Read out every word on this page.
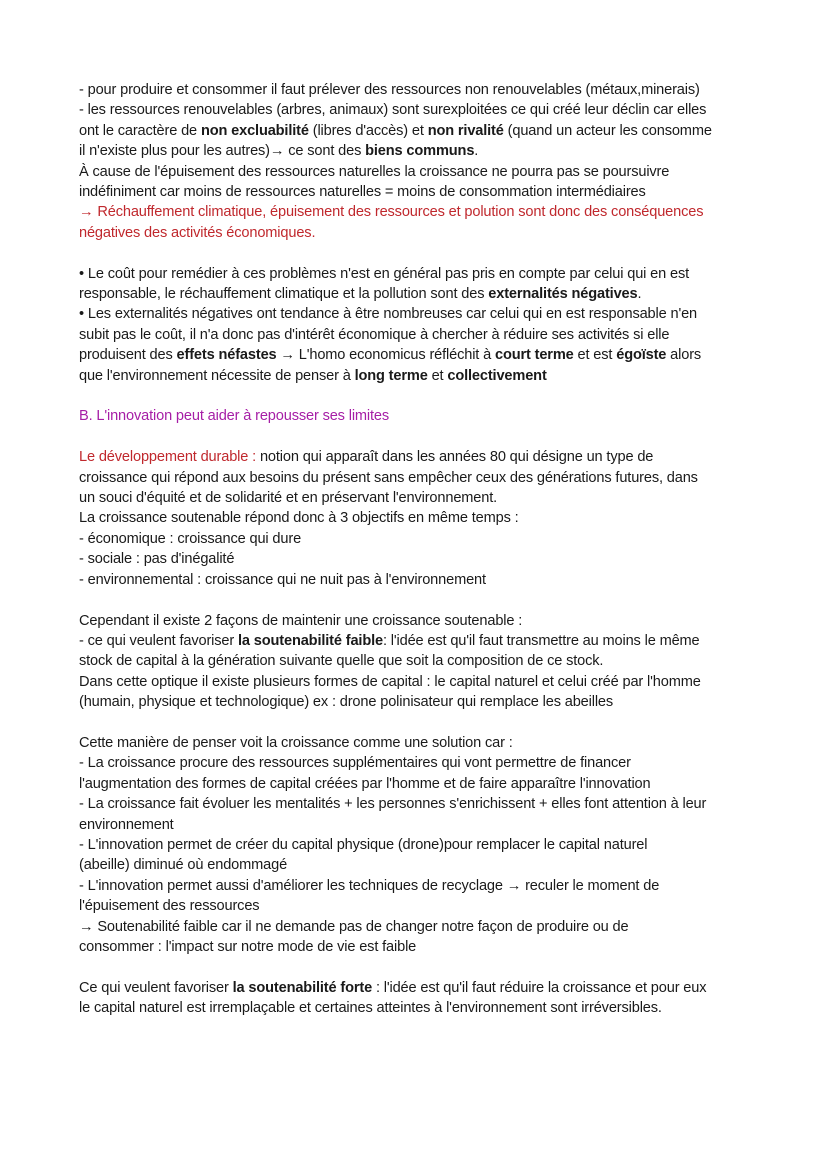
- pour produire et consommer il faut prélever des ressources non renouvelables (métaux,minerais)
- les ressources renouvelables (arbres, animaux) sont surexploitées ce qui créé leur déclin car elles
ont le caractère de non excluabilité (libres d'accès) et non rivalité (quand un acteur les consomme
il n'existe plus pour les autres)→ ce sont des biens communs.
À cause de l'épuisement des ressources naturelles la croissance ne pourra pas se poursuivre
indéfiniment car moins de ressources naturelles = moins de consommation intermédiaires
→ Réchauffement climatique, épuisement des ressources et polution sont donc des conséquences
négatives des activités économiques.
• Le coût pour remédier à ces problèmes n'est en général pas pris en compte par celui qui en est
responsable, le réchauffement climatique et la pollution sont des externalités négatives.
• Les externalités négatives ont tendance à être nombreuses car celui qui en est responsable n'en
subit pas le coût, il n'a donc pas d'intérêt économique à chercher à réduire ses activités si elle
produisent des effets néfastes → L'homo economicus réfléchit à court terme et est égoïste alors
que l'environnement nécessite de penser à long terme et collectivement
B. L'innovation peut aider à repousser ses limites
Le développement durable : notion qui apparaît dans les années 80 qui désigne un type de
croissance qui répond aux besoins du présent sans empêcher ceux des générations futures, dans
un souci d'équité et de solidarité et en préservant l'environnement.
La croissance soutenable répond donc à 3 objectifs en même temps :
- économique : croissance qui dure
- sociale : pas d'inégalité
- environnemental : croissance qui ne nuit pas à l'environnement
Cependant il existe 2 façons de maintenir une croissance soutenable :
- ce qui veulent favoriser la soutenabilité faible: l'idée est qu'il faut transmettre au moins le même
stock de capital à la génération suivante quelle que soit la composition de ce stock.
Dans cette optique il existe plusieurs formes de capital : le capital naturel et celui créé par l'homme
(humain, physique et technologique) ex : drone polinisateur qui remplace les abeilles
Cette manière de penser voit la croissance comme une solution car :
- La croissance procure des ressources supplémentaires qui vont permettre de financer
l'augmentation des formes de capital créées par l'homme et de faire apparaître l'innovation
- La croissance fait évoluer les mentalités + les personnes s'enrichissent + elles font attention à leur
environnement
- L'innovation permet de créer du capital physique (drone)pour remplacer le capital naturel
(abeille) diminué où endommagé
- L'innovation permet aussi d'améliorer les techniques de recyclage → reculer le moment de
l'épuisement des ressources
→ Soutenabilité faible car il ne demande pas de changer notre façon de produire ou de
consommer : l'impact sur notre mode de vie est faible
Ce qui veulent favoriser la soutenabilité forte : l'idée est qu'il faut réduire la croissance et pour eux
le capital naturel est irremplaçable et certaines atteintes à l'environnement sont irréversibles.
